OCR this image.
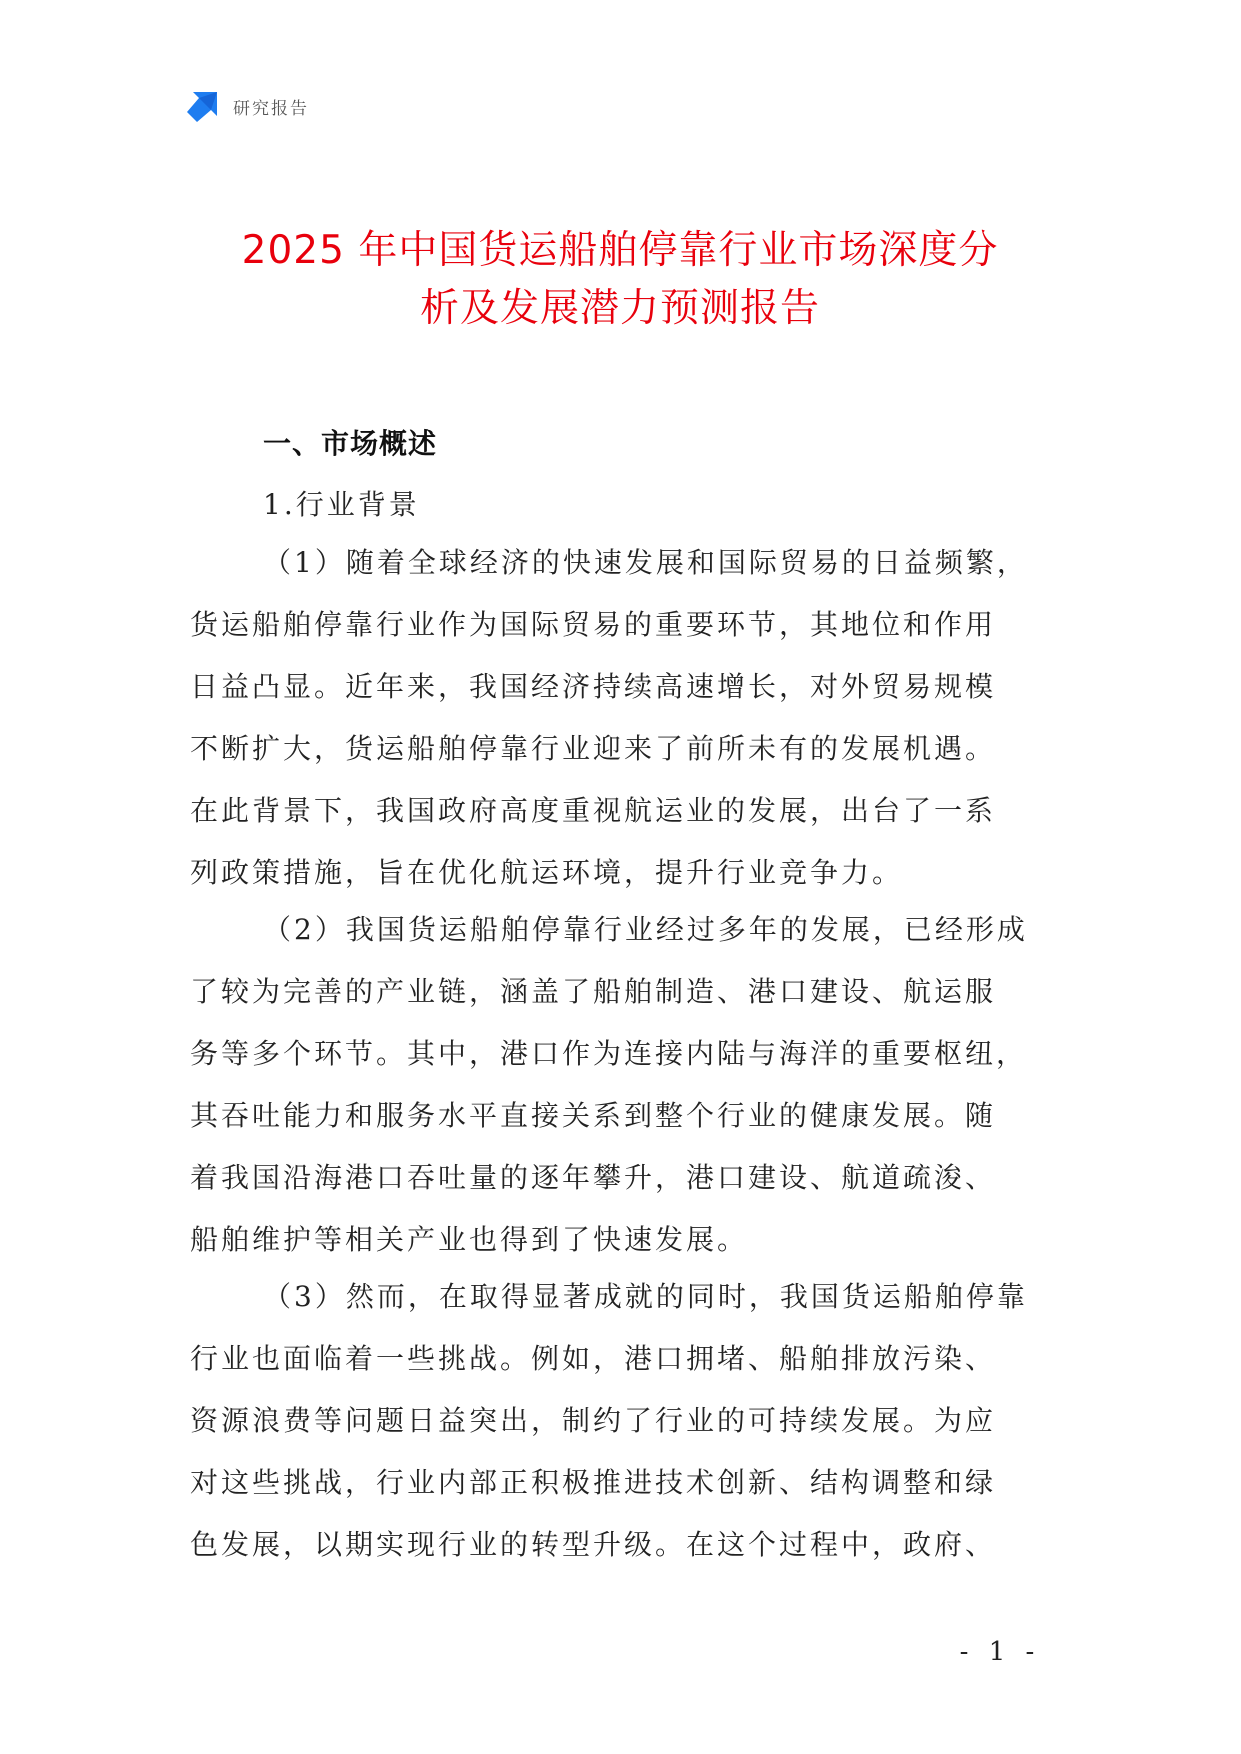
研究报告
2025 年中国货运船舶停靠行业市场深度分
析及发展潜力预测报告
一、市场概述
1.行业背景
（1）随着全球经济的快速发展和国际贸易的日益频繁，
货运船舶停靠行业作为国际贸易的重要环节，其地位和作用
日益凸显。近年来，我国经济持续高速增长，对外贸易规模
不断扩大，货运船舶停靠行业迎来了前所未有的发展机遇。
在此背景下，我国政府高度重视航运业的发展，出台了一系
列政策措施，旨在优化航运环境，提升行业竞争力。
（2）我国货运船舶停靠行业经过多年的发展，已经形成
了较为完善的产业链，涵盖了船舶制造、港口建设、航运服
务等多个环节。其中，港口作为连接内陆与海洋的重要枢纽，
其吞吐能力和服务水平直接关系到整个行业的健康发展。随
着我国沿海港口吞吐量的逐年攀升，港口建设、航道疏浚、
船舶维护等相关产业也得到了快速发展。
（3）然而，在取得显著成就的同时，我国货运船舶停靠
行业也面临着一些挑战。例如，港口拥堵、船舶排放污染、
资源浪费等问题日益突出，制约了行业的可持续发展。为应
对这些挑战，行业内部正积极推进技术创新、结构调整和绿
色发展，以期实现行业的转型升级。在这个过程中，政府、
- 1 -
